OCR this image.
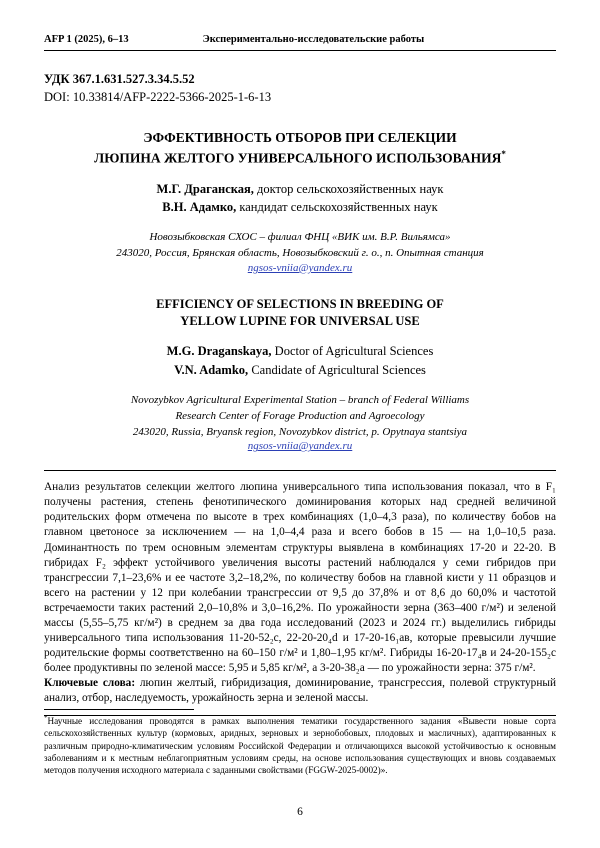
AFP 1 (2025), 6–13	Экспериментально-исследовательские работы
УДК 367.1.631.527.3.34.5.52
DOI: 10.33814/AFP-2222-5366-2025-1-6-13
ЭФФЕКТИВНОСТЬ ОТБОРОВ ПРИ СЕЛЕКЦИИ
ЛЮПИНА ЖЕЛТОГО УНИВЕРСАЛЬНОГО ИСПОЛЬЗОВАНИЯ*
М.Г. Драганская, доктор сельскохозяйственных наук
В.Н. Адамко, кандидат сельскохозяйственных наук
Новозыбковская СХОС – филиал ФНЦ «ВИК им. В.Р. Вильямса»
243020, Россия, Брянская область, Новозыбковский г. о., п. Опытная станция
ngsos-vniia@yandex.ru
EFFICIENCY OF SELECTIONS IN BREEDING OF
YELLOW LUPINE FOR UNIVERSAL USE
M.G. Draganskaya, Doctor of Agricultural Sciences
V.N. Adamko, Candidate of Agricultural Sciences
Novozybkov Agricultural Experimental Station – branch of Federal Williams
Research Center of Forage Production and Agroecology
243020, Russia, Bryansk region, Novozybkov district, p. Opytnaya stantsiya
ngsos-vniia@yandex.ru

Анализ результатов селекции желтого люпина универсального типа использования показал, что в F₁ получены растения, степень фенотипического доминирования которых над средней величиной родительских форм отмечена по высоте в трех комбинациях (1,0–4,3 раза), по количеству бобов на главном цветоносе за исключением — на 1,0–4,4 раза и всего бобов в 15 — на 1,0–10,5 раза. Доминантность по трем основным элементам структуры выявлена в комбинациях 17-20 и 22-20. В гибридах F₂ эффект устойчивого увеличения высоты растений наблюдался у семи гибридов при трансгрессии 7,1–23,6% и ее частоте 3,2–18,2%, по количеству бобов на главной кисти у 11 образцов и всего на растении у 12 при колебании трансгрессии от 9,5 до 37,8% и от 8,6 до 60,0% и частотой встречаемости таких растений 2,0–10,8% и 3,0–16,2%. По урожайности зерна (363–400 г/м²) и зеленой массы (5,55–5,75 кг/м²) в среднем за два года исследований (2023 и 2024 гг.) выделились гибриды универсального типа использования 11-20-52₂c, 22-20-20₄d и 17-20-16₁ав, которые превысили лучшие родительские формы соответственно на 60–150 г/м² и 1,80–1,95 кг/м². Гибриды 16-20-17₄в и 24-20-155₂c более продуктивны по зеленой массе: 5,95 и 5,85 кг/м², а 3-20-38₂a — по урожайности зерна: 375 г/м².

Ключевые слова: люпин желтый, гибридизация, доминирование, трансгрессия, полевой структурный анализ, отбор, наследуемость, урожайность зерна и зеленой массы.

*Научные исследования проводятся в рамках выполнения тематики государственного задания «Вывести новые сорта сельскохозяйственных культур (кормовых, аридных, зерновых и зернобобовых, плодовых и масличных), адаптированных к различным природно-климатическим условиям Российской Федерации и отличающихся высокой устойчивостью к основным заболеваниям и к местным неблагоприятным условиям среды, на основе использования существующих и вновь создаваемых методов получения исходного материала с заданными свойствами (FGGW-2025-0002)».
6
